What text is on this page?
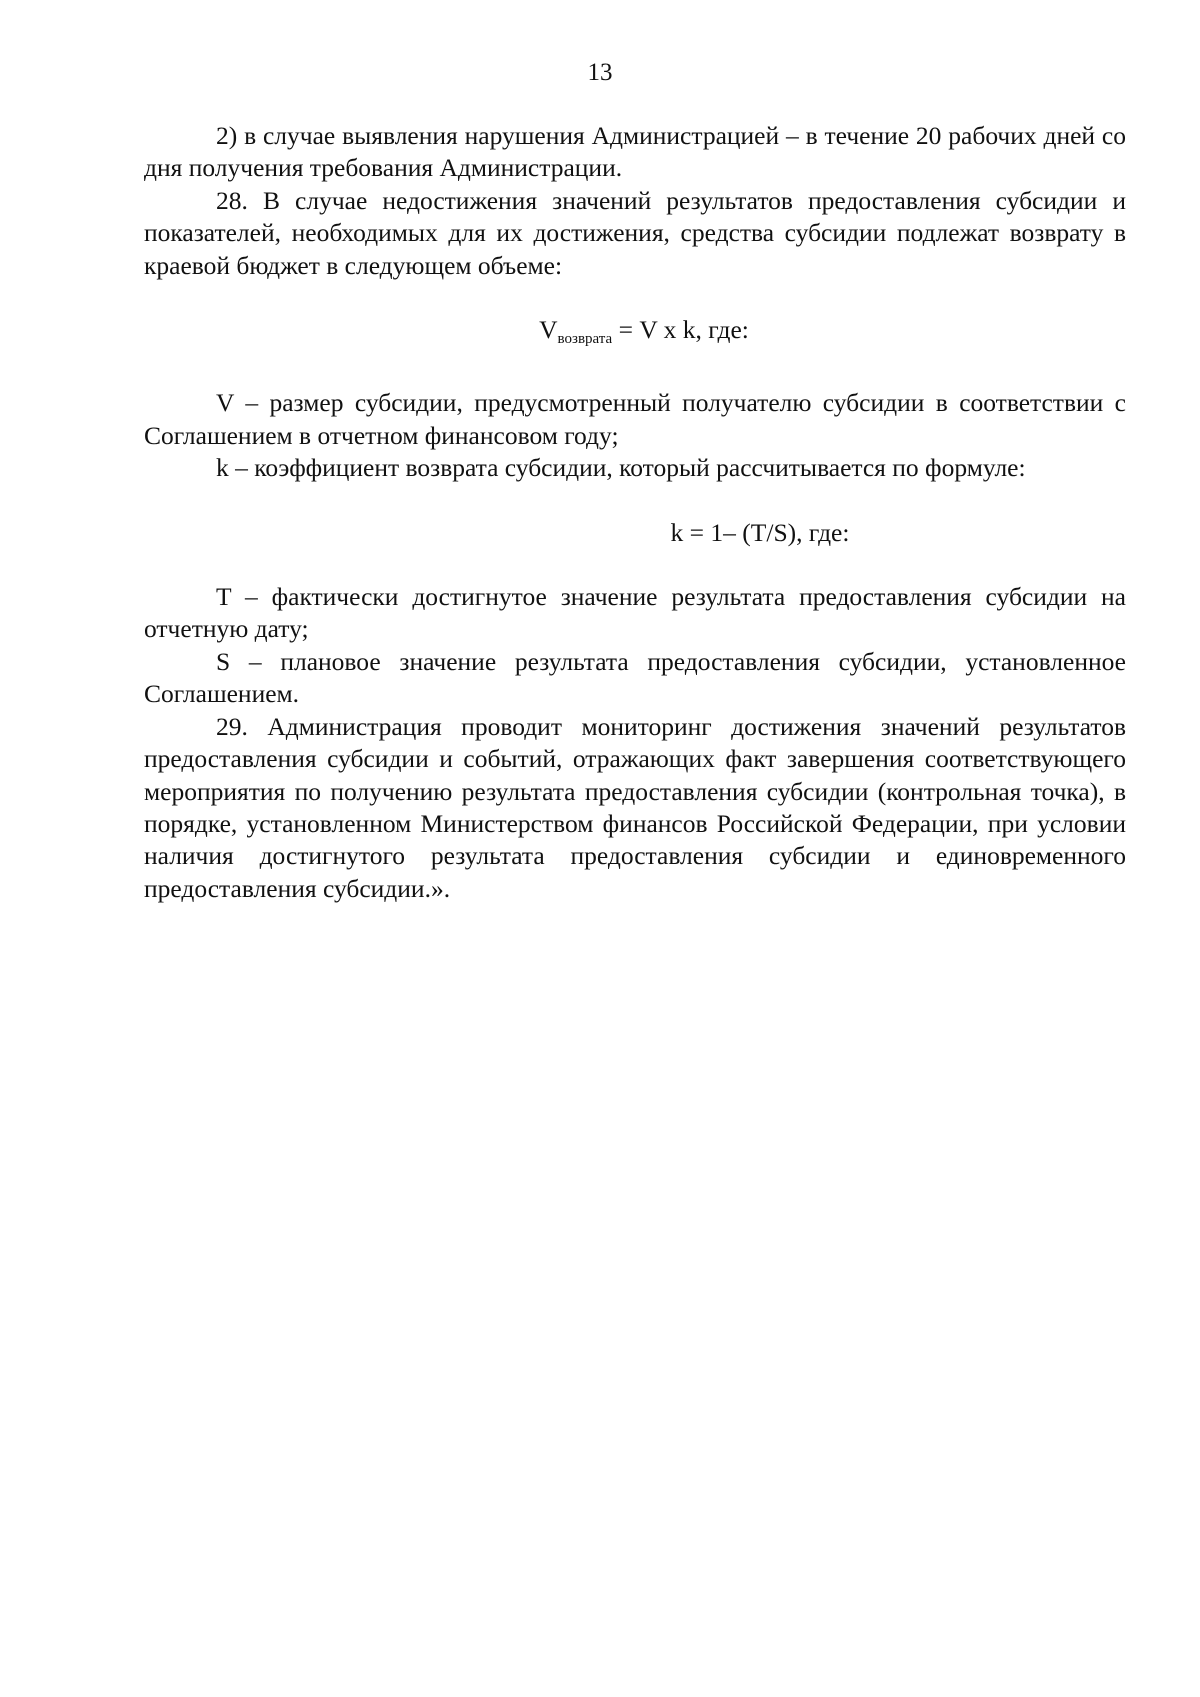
13

2) в случае выявления нарушения Администрацией – в течение 20 рабочих дней со дня получения требования Администрации.

28. В случае недостижения значений результатов предоставления субсидии и показателей, необходимых для их достижения, средства субсидии подлежат возврату в краевой бюджет в следующем объеме:

$V_{возврата} = V$ x k, где:

V – размер субсидии, предусмотренный получателю субсидии в соответствии с Соглашением в отчетном финансовом году;

k – коэффициент возврата субсидии, который рассчитывается по формуле:

k = 1– (T/S), где:

T – фактически достигнутое значение результата предоставления субсидии на отчетную дату;

S – плановое значение результата предоставления субсидии, установленное Соглашением.

29. Администрация проводит мониторинг достижения значений результатов предоставления субсидии и событий, отражающих факт завершения соответствующего мероприятия по получению результата предоставления субсидии (контрольная точка), в порядке, установленном Министерством финансов Российской Федерации, при условии наличия достигнутого результата предоставления субсидии и единовременного предоставления субсидии.».
